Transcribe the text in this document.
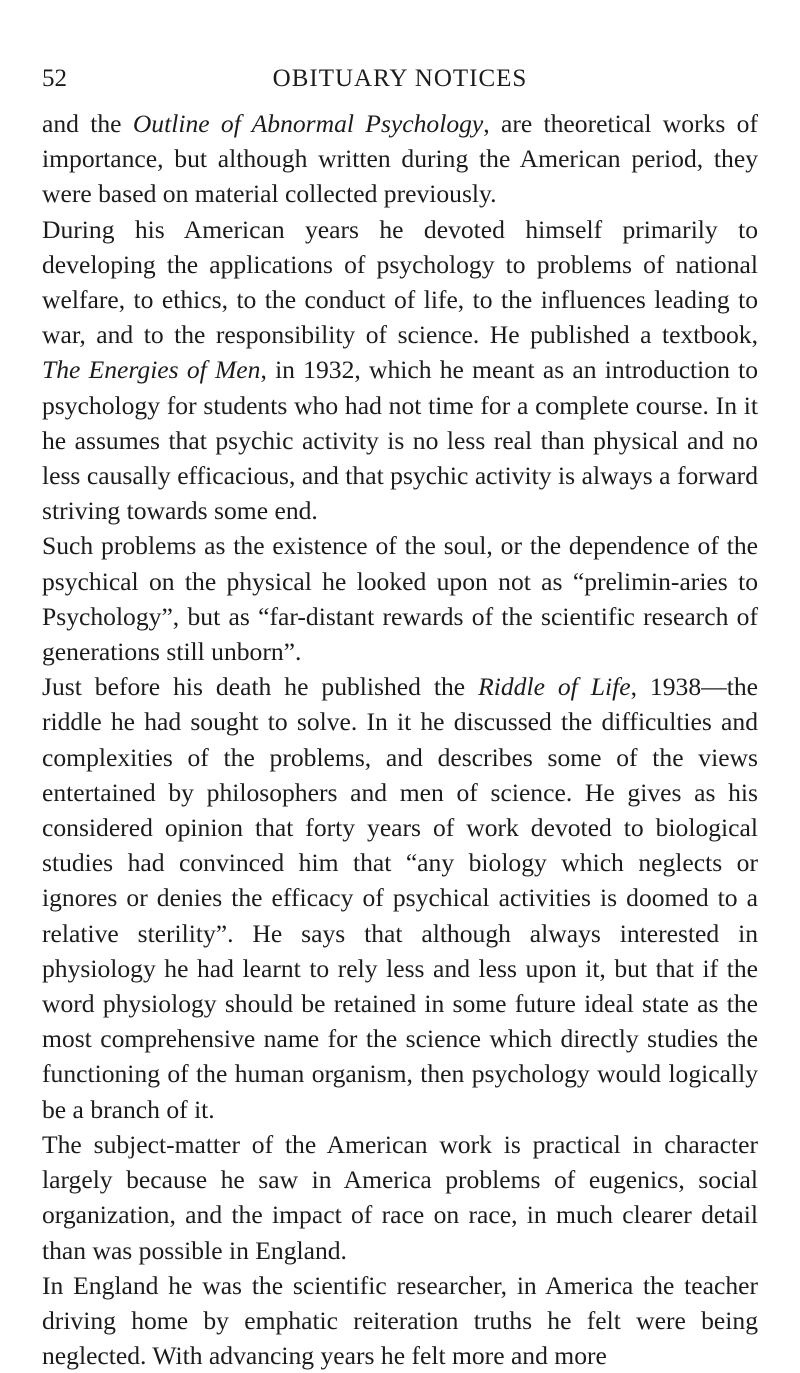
52	OBITUARY NOTICES

and the Outline of Abnormal Psychology, are theoretical works of importance, but although written during the American period, they were based on material collected previously.

During his American years he devoted himself primarily to developing the applications of psychology to problems of national welfare, to ethics, to the conduct of life, to the influences leading to war, and to the responsibility of science. He published a textbook, The Energies of Men, in 1932, which he meant as an introduction to psychology for students who had not time for a complete course. In it he assumes that psychic activity is no less real than physical and no less causally efficacious, and that psychic activity is always a forward striving towards some end.

Such problems as the existence of the soul, or the dependence of the psychical on the physical he looked upon not as “prelimin-aries to Psychology”, but as “far-distant rewards of the scientific research of generations still unborn”.

Just before his death he published the Riddle of Life, 1938—the riddle he had sought to solve. In it he discussed the difficulties and complexities of the problems, and describes some of the views entertained by philosophers and men of science. He gives as his considered opinion that forty years of work devoted to biological studies had convinced him that “any biology which neglects or ignores or denies the efficacy of psychical activities is doomed to a relative sterility”. He says that although always interested in physiology he had learnt to rely less and less upon it, but that if the word physiology should be retained in some future ideal state as the most comprehensive name for the science which directly studies the functioning of the human organism, then psychology would logically be a branch of it.

The subject-matter of the American work is practical in character largely because he saw in America problems of eugenics, social organization, and the impact of race on race, in much clearer detail than was possible in England.

In England he was the scientific researcher, in America the teacher driving home by emphatic reiteration truths he felt were being neglected. With advancing years he felt more and more
